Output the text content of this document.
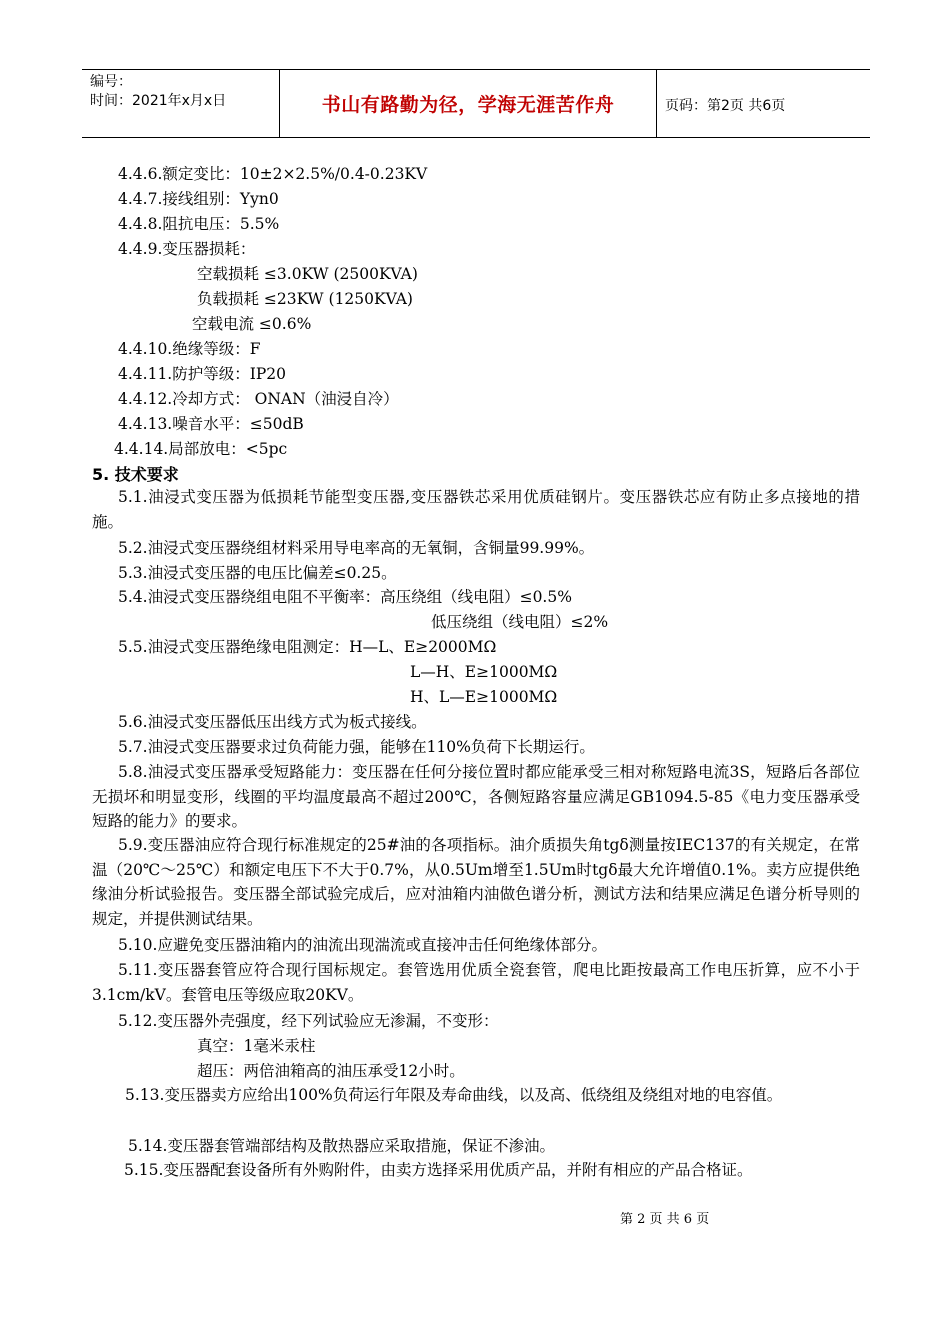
编号：
时间：2021年x月x日	书山有路勤为径，学海无涯苦作舟	页码：第2页 共6页
4.4.6.额定变比：10±2×2.5%/0.4-0.23KV
4.4.7.接线组别：Yyn0
4.4.8.阻抗电压：5.5%
4.4.9.变压器损耗：
空载损耗 ≤3.0KW (2500KVA)
负载损耗 ≤23KW (1250KVA)
空载电流 ≤0.6%
4.4.10.绝缘等级：F
4.4.11.防护等级：IP20
4.4.12.冷却方式： ONAN（油浸自冷）
4.4.13.噪音水平：≤50dB
4.4.14.局部放电：<5pc
5. 技术要求
5.1.油浸式变压器为低损耗节能型变压器,变压器铁芯采用优质硅钢片。变压器铁芯应有防止多点接地的措施。
5.2.油浸式变压器绕组材料采用导电率高的无氧铜，含铜量99.99%。
5.3.油浸式变压器的电压比偏差≤0.25。
5.4.油浸式变压器绕组电阻不平衡率：高压绕组（线电阻）≤0.5%
低压绕组（线电阻）≤2%
5.5.油浸式变压器绝缘电阻测定：H—L、E≥2000MΩ
L—H、E≥1000MΩ
H、L—E≥1000MΩ
5.6.油浸式变压器低压出线方式为板式接线。
5.7.油浸式变压器要求过负荷能力强，能够在110%负荷下长期运行。
5.8.油浸式变压器承受短路能力：变压器在任何分接位置时都应能承受三相对称短路电流3S，短路后各部位无损坏和明显变形，线圈的平均温度最高不超过200℃，各侧短路容量应满足GB1094.5-85《电力变压器承受短路的能力》的要求。
5.9.变压器油应符合现行标准规定的25#油的各项指标。油介质损失角tgδ测量按IEC137的有关规定，在常温（20℃～25℃）和额定电压下不大于0.7%，从0.5Um增至1.5Um时tgδ最大允许增值0.1%。卖方应提供绝缘油分析试验报告。变压器全部试验完成后，应对油箱内油做色谱分析，测试方法和结果应满足色谱分析导则的规定，并提供测试结果。
5.10.应避免变压器油箱内的油流出现湍流或直接冲击任何绝缘体部分。
5.11.变压器套管应符合现行国标规定。套管选用优质全瓷套管，爬电比距按最高工作电压折算，应不小于3.1cm/kV。套管电压等级应取20KV。
5.12.变压器外壳强度，经下列试验应无渗漏，不变形：
真空：1毫米汞柱
超压：两倍油箱高的油压承受12小时。
5.13.变压器卖方应给出100%负荷运行年限及寿命曲线，以及高、低绕组及绕组对地的电容值。
5.14.变压器套管端部结构及散热器应采取措施，保证不渗油。
5.15.变压器配套设备所有外购附件，由卖方选择采用优质产品，并附有相应的产品合格证。
第 2 页 共 6 页
